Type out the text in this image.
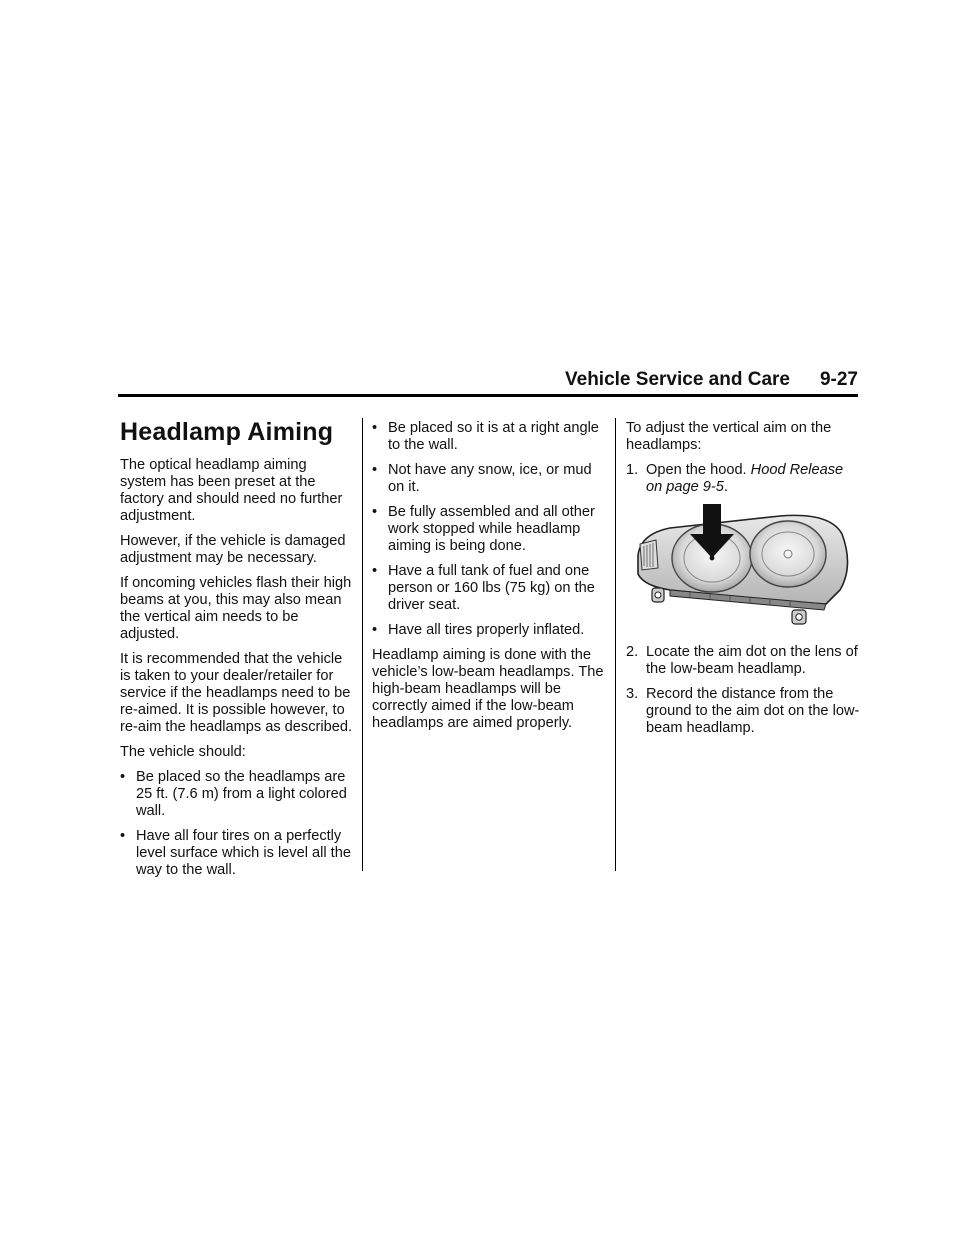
Vehicle Service and Care 9-27
Headlamp Aiming

The optical headlamp aiming system has been preset at the factory and should need no further adjustment.

However, if the vehicle is damaged adjustment may be necessary.

If oncoming vehicles flash their high beams at you, this may also mean the vertical aim needs to be adjusted.

It is recommended that the vehicle is taken to your dealer/retailer for service if the headlamps need to be re-aimed. It is possible however, to re-aim the headlamps as described.

The vehicle should:

• Be placed so the headlamps are 25 ft. (7.6 m) from a light colored wall.
• Have all four tires on a perfectly level surface which is level all the way to the wall.
• Be placed so it is at a right angle to the wall.
• Not have any snow, ice, or mud on it.
• Be fully assembled and all other work stopped while headlamp aiming is being done.
• Have a full tank of fuel and one person or 160 lbs (75 kg) on the driver seat.
• Have all tires properly inflated.

Headlamp aiming is done with the vehicle’s low-beam headlamps. The high-beam headlamps will be correctly aimed if the low-beam headlamps are aimed properly.

To adjust the vertical aim on the headlamps:

1. Open the hood. Hood Release on page 9-5.
2. Locate the aim dot on the lens of the low-beam headlamp.
3. Record the distance from the ground to the aim dot on the low-beam headlamp.
